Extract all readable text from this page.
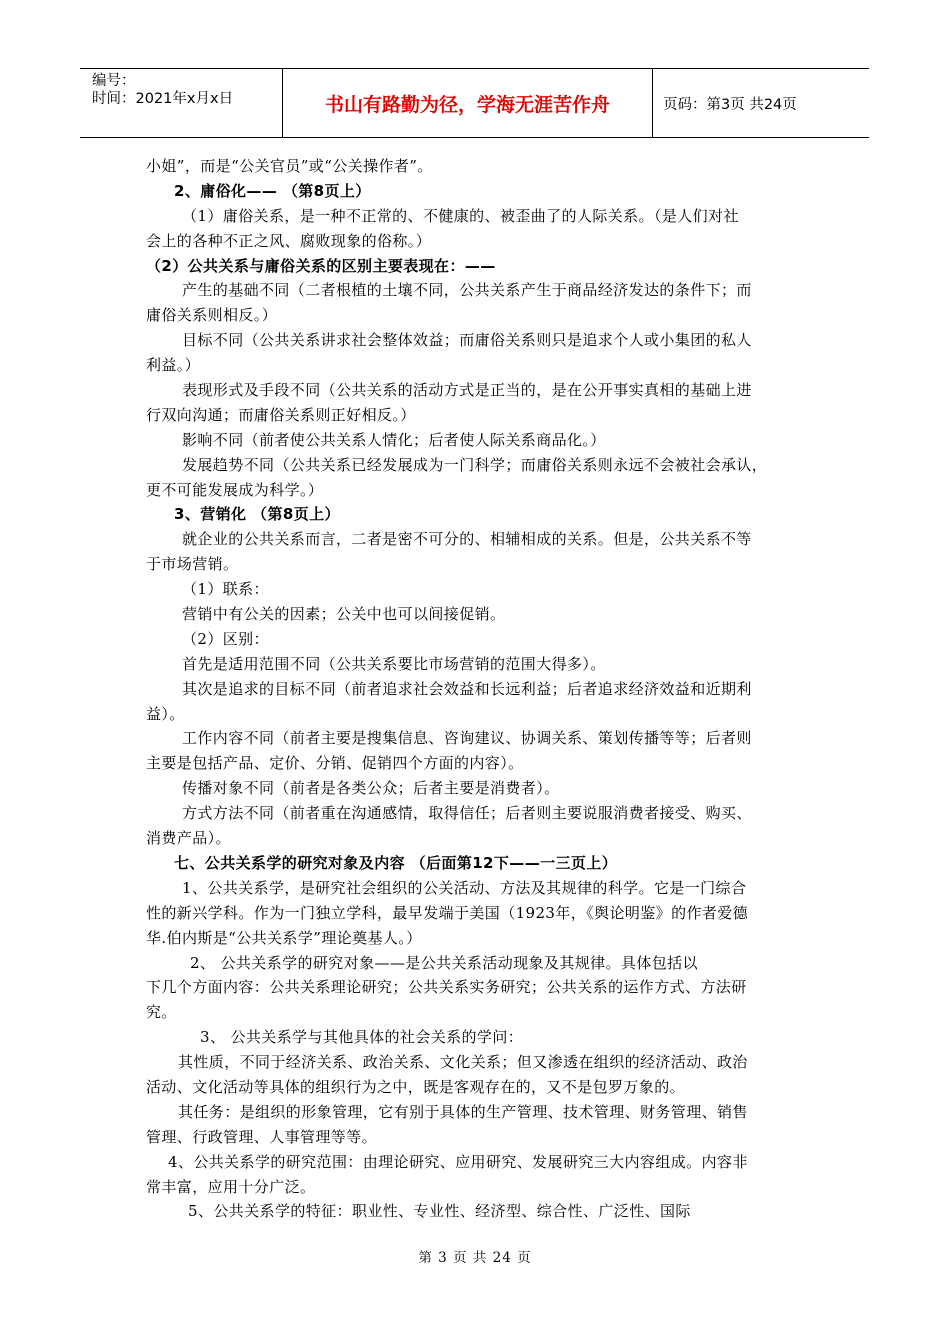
编号：
时间：2021年x月x日	书山有路勤为径，学海无涯苦作舟	页码：第3页 共24页
小姐”，而是“公关官员”或“公关操作者”。
2、庸俗化—— （第8页上）
（1）庸俗关系，是一种不正常的、不健康的、被歪曲了的人际关系。（是人们对社
会上的各种不正之风、腐败现象的俗称。）
（2）公共关系与庸俗关系的区别主要表现在：——
产生的基础不同（二者根植的土壤不同，公共关系产生于商品经济发达的条件下；而
庸俗关系则相反。）
目标不同（公共关系讲求社会整体效益；而庸俗关系则只是追求个人或小集团的私人
利益。）
表现形式及手段不同（公共关系的活动方式是正当的，是在公开事实真相的基础上进
行双向沟通；而庸俗关系则正好相反。）
影响不同（前者使公共关系人情化；后者使人际关系商品化。）
发展趋势不同（公共关系已经发展成为一门科学；而庸俗关系则永远不会被社会承认，
更不可能发展成为科学。）
3、营销化 （第8页上）
就企业的公共关系而言，二者是密不可分的、相辅相成的关系。但是，公共关系不等
于市场营销。
（1）联系：
营销中有公关的因素；公关中也可以间接促销。
（2）区别：
首先是适用范围不同（公共关系要比市场营销的范围大得多）。
其次是追求的目标不同（前者追求社会效益和长远利益；后者追求经济效益和近期利
益）。
工作内容不同（前者主要是搜集信息、咨询建议、协调关系、策划传播等等；后者则
主要是包括产品、定价、分销、促销四个方面的内容）。
传播对象不同（前者是各类公众；后者主要是消费者）。
方式方法不同（前者重在沟通感情，取得信任；后者则主要说服消费者接受、购买、
消费产品）。
七、公共关系学的研究对象及内容 （后面第12下——一三页上）
1、公共关系学，是研究社会组织的公关活动、方法及其规律的科学。它是一门综合
性的新兴学科。作为一门独立学科，最早发端于美国（1923年，《舆论明鉴》的作者爱德
华.伯内斯是“公共关系学”理论奠基人。）
2、 公共关系学的研究对象——是公共关系活动现象及其规律。具体包括以
下几个方面内容：公共关系理论研究；公共关系实务研究；公共关系的运作方式、方法研
究。
3、 公共关系学与其他具体的社会关系的学问：
其性质，不同于经济关系、政治关系、文化关系；但又渗透在组织的经济活动、政治
活动、文化活动等具体的组织行为之中，既是客观存在的，又不是包罗万象的。
其任务：是组织的形象管理，它有别于具体的生产管理、技术管理、财务管理、销售
管理、行政管理、人事管理等等。
4、公共关系学的研究范围：由理论研究、应用研究、发展研究三大内容组成。内容非
常丰富，应用十分广泛。
5、公共关系学的特征：职业性、专业性、经济型、综合性、广泛性、国际
第 3 页 共 24 页
